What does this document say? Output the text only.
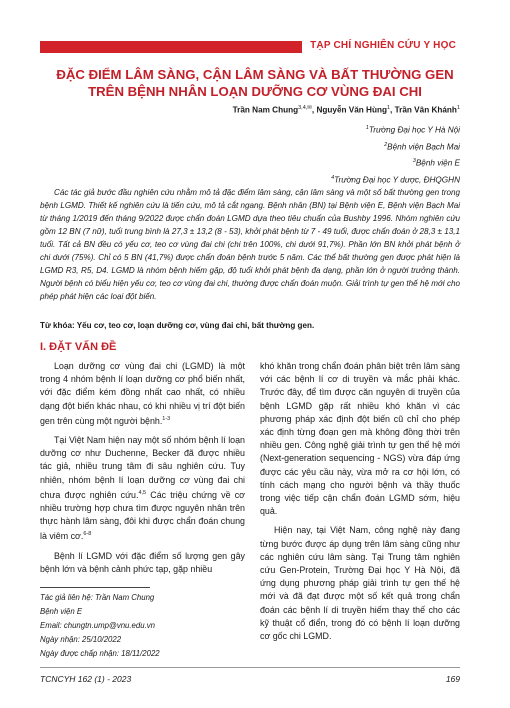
TẠP CHÍ NGHIÊN CỨU Y HỌC
ĐẶC ĐIỂM LÂM SÀNG, CẬN LÂM SÀNG VÀ BẤT THƯỜNG GEN
TRÊN BỆNH NHÂN LOẠN DƯỠNG CƠ VÙNG ĐAI CHI
Trần Nam Chung$^{3,4,✉}$, Nguyễn Văn Hùng$^1$, Trần Vân Khánh$^1$
$^1$Trường Đại học Y Hà Nội
$^2$Bệnh viện Bạch Mai
$^3$Bệnh viện E
$^4$Trường Đại học Y dược, ĐHQGHN
Các tác giả bước đầu nghiên cứu nhằm mô tả đặc điểm lâm sàng, cận lâm sàng và một số bất thường gen trong bệnh LGMD. Thiết kế nghiên cứu là tiến cứu, mô tả cắt ngang. Bệnh nhân (BN) tại Bệnh viện E, Bệnh viện Bạch Mai từ tháng 1/2019 đến tháng 9/2022 được chẩn đoán LGMD dựa theo tiêu chuẩn của Bushby 1996. Nhóm nghiên cứu gồm 12 BN (7 nữ), tuổi trung bình là 27,3 ± 13,2 (8 - 53), khởi phát bệnh từ 7 - 49 tuổi, được chẩn đoán ở 28,3 ± 13,1 tuổi. Tất cả BN đều có yếu cơ, teo cơ vùng đai chi (chi trên 100%, chi dưới 91,7%). Phần lớn BN khởi phát bệnh ở chi dưới (75%). Chỉ có 5 BN (41,7%) được chẩn đoán bệnh trước 5 năm. Các thể bất thường gen được phát hiện là LGMD R3, R5, D4. LGMD là nhóm bệnh hiếm gặp, độ tuổi khởi phát bệnh đa dạng, phần lớn ở người trưởng thành. Người bệnh có biểu hiện yếu cơ, teo cơ vùng đai chi, thường được chẩn đoán muộn. Giải trình tự gen thế hệ mới cho phép phát hiện các loại đột biến.
Từ khóa: Yếu cơ, teo cơ, loạn dưỡng cơ, vùng đai chi, bất thường gen.
I. ĐẶT VẤN ĐỀ

Loạn dưỡng cơ vùng đai chi (LGMD) là một trong 4 nhóm bệnh lí loạn dưỡng cơ phổ biến nhất, với đặc điểm kém đồng nhất cao nhất, có nhiều dạng đột biến khác nhau, có khi nhiều vị trí đột biến gen trên cùng một người bệnh.$^{1-3}$

Tại Việt Nam hiện nay một số nhóm bệnh lí loạn dưỡng cơ như Duchenne, Becker đã được nhiều tác giả, nhiều trung tâm đi sâu nghiên cứu. Tuy nhiên, nhóm bệnh lí loạn dưỡng cơ vùng đai chi chưa được nghiên cứu.$^{4,5}$ Các triệu chứng về cơ nhiều trường hợp chưa tìm được nguyên nhân trên thực hành lâm sàng, đôi khi được chẩn đoán chung là viêm cơ.$^{6-8}$

Bệnh lí LGMD với đặc điểm số lượng gen gây bệnh lớn và bệnh cảnh phức tạp, gặp nhiều

khó khăn trong chẩn đoán phân biệt trên lâm sàng với các bệnh lí cơ di truyền và mắc phải khác. Trước đây, để tìm được căn nguyên di truyền của bệnh LGMD gặp rất nhiều khó khăn vì các phương pháp xác định đột biến cũ chỉ cho phép xác định từng đoạn gen mà không đồng thời trên nhiều gen. Công nghệ giải trình tự gen thế hệ mới (Next-generation sequencing - NGS) vừa đáp ứng được các yêu cầu này, vừa mở ra cơ hội lớn, có tính cách mạng cho người bệnh và thầy thuốc trong việc tiếp cận chẩn đoán LGMD sớm, hiệu quả.

Hiện nay, tại Việt Nam, công nghệ này đang từng bước được áp dụng trên lâm sàng cũng như các nghiên cứu lâm sàng. Tại Trung tâm nghiên cứu Gen-Protein, Trường Đại học Y Hà Nội, đã ứng dụng phương pháp giải trình tự gen thế hệ mới và đã đạt được một số kết quả trong chẩn đoán các bệnh lí di truyền hiếm thay thế cho các kỹ thuật cổ điển, trong đó có bệnh lí loạn dưỡng cơ gốc chi LGMD.

Tác giả liên hệ: Trần Nam Chung
Bệnh viện E
Email: chungtn.ump@vnu.edu.vn
Ngày nhận: 25/10/2022
Ngày được chấp nhận: 18/11/2022
TCNCYH 162 (1) - 2023	169
